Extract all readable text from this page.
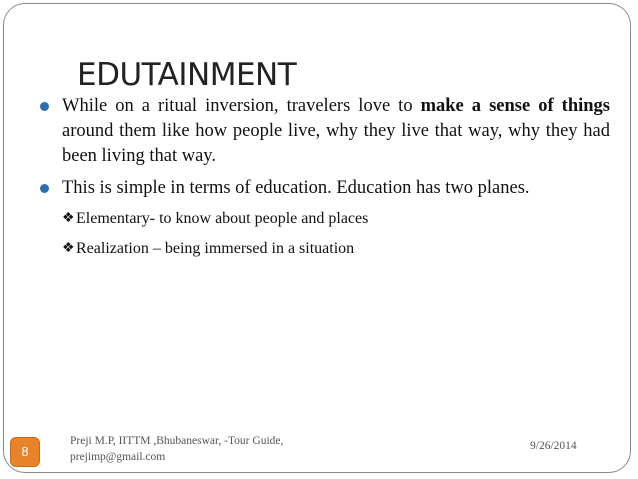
EDUTAINMENT
While on a ritual inversion, travelers love to make a sense of things around them like how people live, why they live that way, why they had been living that way.
This is simple in terms of education. Education has two planes.
❖ Elementary- to know about people and places
❖ Realization – being immersed in a situation
8
Preji M.P, IITTM ,Bhubaneswar, -Tour Guide, prejimp@gmail.com
9/26/2014
